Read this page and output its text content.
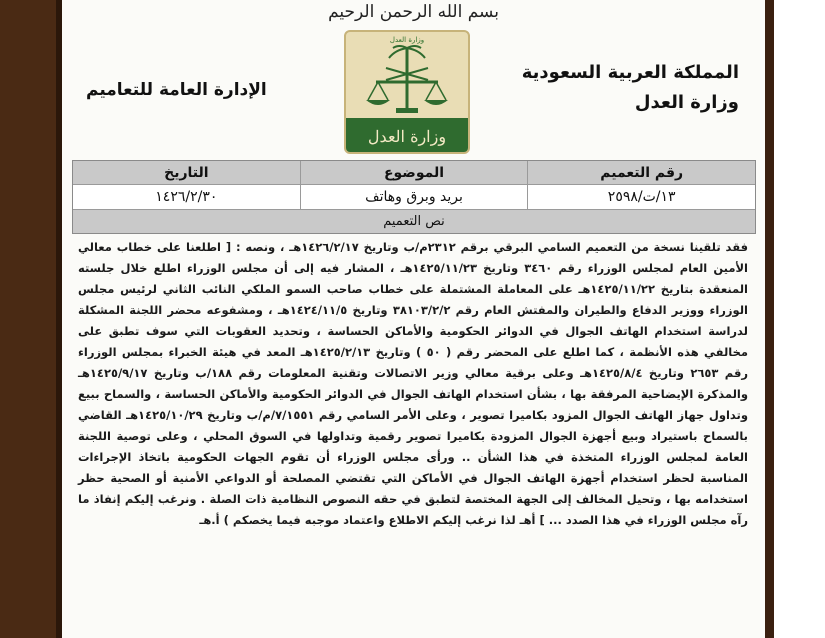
بسم الله الرحمن الرحيم
المملكة العربية السعودية
وزارة العدل
الإدارة العامة للتعاميم
وزارة العدل
وزارة العدل
رقم التعميم
الموضوع
التاريخ
١٣/ت/٢٥٩٨
بريد وبرق وهاتف
١٤٢٦/٢/٣٠
نص التعميم
فقد تلقينا نسخة من التعميم السامي البرقي برقم ٢٣١٢م/ب وتاريخ ١٤٢٦/٢/١٧هـ ، ونصه : [ اطلعنا على خطاب معالي الأمين العام لمجلس الوزراء رقم ٣٤٦٠ وتاريخ ١٤٢٥/١١/٢٣هـ ، المشار فيه إلى أن مجلس الوزراء اطلع خلال جلسته المنعقدة بتاريخ ١٤٢٥/١١/٢٢هـ على المعاملة المشتملة على خطاب صاحب السمو الملكي النائب الثاني لرئيس مجلس الوزراء ووزير الدفاع والطيران والمفتش العام رقم ٣٨١٠٣/٢/٢ وتاريخ ١٤٢٤/١١/٥هـ ، ومشفوعه محضر اللجنة المشكلة لدراسة استخدام الهاتف الجوال في الدوائر الحكومية والأماكن الحساسة ، وتحديد العقوبات التي سوف تطبق على مخالفي هذه الأنظمة ، كما اطلع على المحضر رقم ( ٥٠ ) وتاريخ ١٤٢٥/٢/١٣هـ المعد في هيئة الخبراء بمجلس الوزراء رقم ٢٦٥٣ وتاريخ ١٤٢٥/٨/٤هـ وعلى برقية معالي وزير الاتصالات وتقنية المعلومات رقم ١٨٨/ب وتاريخ ١٤٢٥/٩/١٧هـ والمذكرة الإيضاحية المرفقة بها ، بشأن استخدام الهاتف الجوال في الدوائر الحكومية والأماكن الحساسة ، والسماح ببيع وتداول جهاز الهاتف الجوال المزود بكاميرا تصوير ، وعلى الأمر السامي رقم ٧/١٥٥١/م/ب وتاريخ ١٤٢٥/١٠/٢٩هـ القاضي بالسماح باستيراد وبيع أجهزة الجوال المزودة بكاميرا تصوير رقمية وتداولها في السوق المحلي ، وعلى توصية اللجنة العامة لمجلس الوزراء المتخذة في هذا الشأن .. ورأى مجلس الوزراء أن تقوم الجهات الحكومية باتخاذ الإجراءات المناسبة لحظر استخدام أجهزة الهاتف الجوال في الأماكن التي تقتضي المصلحة أو الدواعي الأمنية أو الصحية حظر استخدامه بها ، وتحيل المخالف إلى الجهة المختصة لتطبق في حقه النصوص النظامية ذات الصلة . ونرغب إليكم إنفاذ ما رآه مجلس الوزراء في هذا الصدد ... ] أهـ لذا نرغب إليكم الاطلاع واعتماد موجبه فيما يخصكم ) أ.هـ
